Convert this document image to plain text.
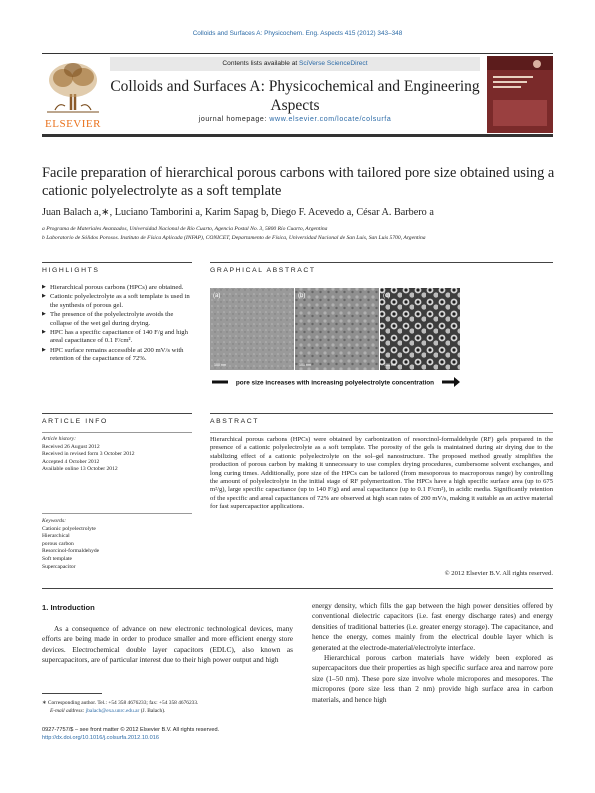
Colloids and Surfaces A: Physicochem. Eng. Aspects 415 (2012) 343–348
Contents lists available at SciVerse ScienceDirect
ELSEVIER
Colloids and Surfaces A: Physicochemical and Engineering Aspects
journal homepage: www.elsevier.com/locate/colsurfa
Facile preparation of hierarchical porous carbons with tailored pore size obtained using a cationic polyelectrolyte as a soft template
Juan Balach a,∗, Luciano Tamborini a, Karim Sapag b, Diego F. Acevedo a, César A. Barbero a
a Programa de Materiales Avanzados, Universidad Nacional de Río Cuarto, Agencia Postal No. 3, 5800 Río Cuarto, Argentina
b Laboratorio de Sólidos Porosos. Instituto de Física Aplicada (INFAP), CONICET, Departamento de Física, Universidad Nacional de San Luis, San Luis 5700, Argentina
HIGHLIGHTS
▶ Hierarchical porous carbons (HPCs) are obtained.
▶ Cationic polyelectrolyte as a soft template is used in the synthesis of porous gel.
▶ The presence of the polyelectrolyte avoids the collapse of the wet gel during drying.
▶ HPC has a specific capacitance of 140 F/g and high areal capacitance of 0.1 F/cm².
▶ HPC surface remains accessible at 200 mV/s with retention of the capacitance of 72%.
GRAPHICAL ABSTRACT
(a)	(b)	(c)
100 nm	100 nm	100 nm
pore size increases with increasing polyelectrolyte concentration
ARTICLE INFO
Article history:
Received 26 August 2012
Received in revised form 3 October 2012
Accepted 4 October 2012
Available online 13 October 2012
Keywords:
Cationic polyelectrolyte
Hierarchical
porous carbon
Resorcinol-formaldehyde
Soft template
Supercapacitor
ABSTRACT
Hierarchical porous carbons (HPCs) were obtained by carbonization of resorcinol-formaldehyde (RF) gels prepared in the presence of a cationic polyelectrolyte as a soft template. The porosity of the gels is maintained during air drying due to the stabilizing effect of a cationic polyelectrolyte on the sol–gel nanostructure. The proposed method greatly simplifies the production of porous carbon by making it unnecessary to use complex drying procedures, cumbersome solvent exchanges, and long curing times. Additionally, pore size of the HPCs can be tailored (from mesoporous to macroporous range) by controlling the amount of polyelectrolyte in the initial stage of RF polymerization. The HPCs have a high specific surface area (up to 675 m²/g), large specific capacitance (up to 140 F/g) and areal capacitance (up to 0.1 F/cm²), in acidic media. Significantly retention of the specific and areal capacitances of 72% are observed at high scan rates of 200 mV/s, making it suitable as an active material for fast supercapacitor applications.
© 2012 Elsevier B.V. All rights reserved.
1. Introduction
As a consequence of advance on new electronic technological devices, many efforts are being made in order to produce smaller and more efficient energy store devices. Electrochemical double layer capacitors (EDLC), also known as supercapacitors, are of particular interest due to their high power output and high
energy density, which fills the gap between the high power densities offered by conventional dielectric capacitors (i.e. fast energy discharge rates) and energy densities of traditional batteries (i.e. greater energy storage). The capacitance, and hence the energy, comes mainly from the electrical double layer which is generated at the electrode-material/electrolyte interface.
Hierarchical porous carbon materials have widely been explored as supercapacitors due their properties as high specific surface area and narrow pore size (1–50 nm). These pore size involve whole micropores and mesopores. The micropores (pore size less than 2 nm) provide high surface area in carbon materials, and hence high
∗ Corresponding author. Tel.: +54 358 4676233; fax: +54 358 4676233.
E-mail address: jbalach@exa.unrc.edu.ar (J. Balach).
0927-7757/$ – see front matter © 2012 Elsevier B.V. All rights reserved.
http://dx.doi.org/10.1016/j.colsurfa.2012.10.016
